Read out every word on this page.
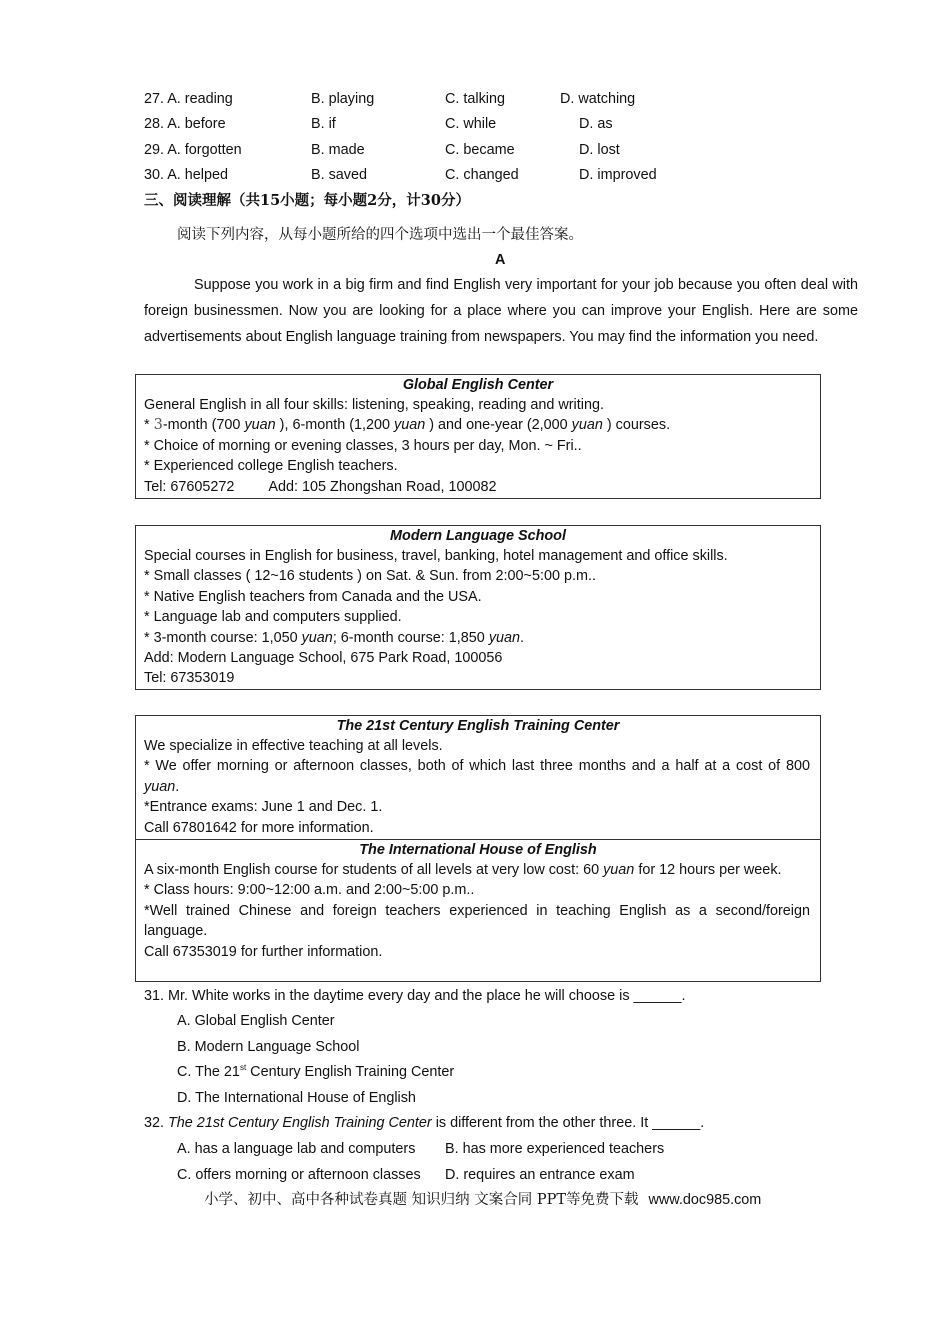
27. A. reading	B. playing	C. talking	D. watching
28. A. before	B. if	C. while	D. as
29. A. forgotten	B. made	C. became	D. lost
30. A. helped	B. saved	C. changed	D. improved
三、阅读理解（共15小题；每小题2分，计30分）
阅读下列内容，从每小题所给的四个选项中选出一个最佳答案。
A
Suppose you work in a big firm and find English very important for your job because you often deal with foreign businessmen. Now you are looking for a place where you can improve your English. Here are some advertisements about English language training from newspapers. You may find the information you need.
Global English Center
General English in all four skills: listening, speaking, reading and writing.
* 3-month (700 yuan ), 6-month (1,200 yuan ) and one-year (2,000 yuan ) courses.
* Choice of morning or evening classes, 3 hours per day, Mon. ~ Fri..
* Experienced college English teachers.
Tel: 67605272 Add: 105 Zhongshan Road, 100082
Modern Language School
Special courses in English for business, travel, banking, hotel management and office skills.
* Small classes ( 12~16 students ) on Sat. & Sun. from 2:00~5:00 p.m..
* Native English teachers from Canada and the USA.
* Language lab and computers supplied.
* 3-month course: 1,050 yuan; 6-month course: 1,850 yuan.
Add: Modern Language School, 675 Park Road, 100056
Tel: 67353019
The 21st Century English Training Center
We specialize in effective teaching at all levels.
* We offer morning or afternoon classes, both of which last three months and a half at a cost of 800 yuan.
*Entrance exams: June 1 and Dec. 1.
Call 67801642 for more information.
The International House of English
A six-month English course for students of all levels at very low cost: 60 yuan for 12 hours per week.
* Class hours: 9:00~12:00 a.m. and 2:00~5:00 p.m..
*Well trained Chinese and foreign teachers experienced in teaching English as a second/foreign language.
Call 67353019 for further information.
31. Mr. White works in the daytime every day and the place he will choose is ______.
A. Global English Center
B. Modern Language School
C. The 21st Century English Training Center
D. The International House of English
32. The 21st Century English Training Center is different from the other three. It ______.
A. has a language lab and computers B. has more experienced teachers
C. offers morning or afternoon classes D. requires an entrance exam
小学、初中、高中各种试卷真题 知识归纳 文案合同 PPT等免费下载 www.doc985.com
